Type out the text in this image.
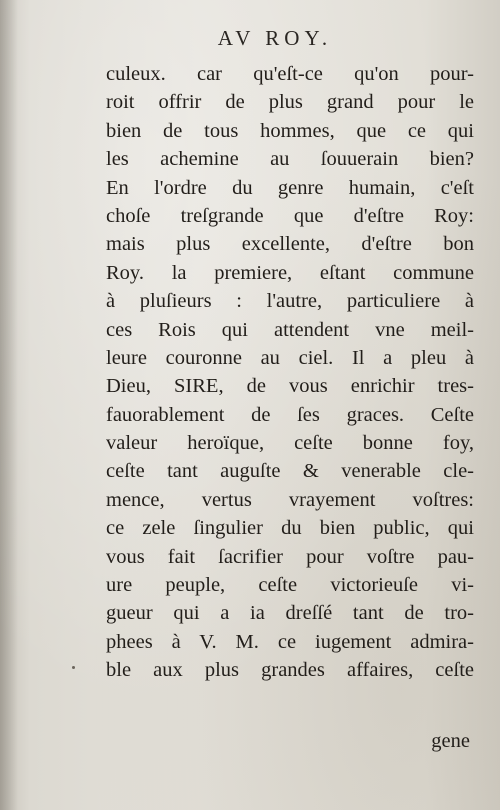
AV ROY.
culeux. car qu'eſt-ce qu'on pour-
roit offrir de plus grand pour le
bien de tous hommes, que ce qui
les achemine au ſouuerain bien?
En l'ordre du genre humain, c'eſt
choſe treſgrande que d'eſtre Roy:
mais plus excellente, d'eſtre bon
Roy. la premiere, eſtant commune
à pluſieurs : l'autre, particuliere à
ces Rois qui attendent vne meil-
leure couronne au ciel. Il a pleu à
Dieu, SIRE, de vous enrichir tres-
fauorablement de ſes graces. Ceſte
valeur heroïque, ceſte bonne foy,
ceſte tant auguſte & venerable cle-
mence, vertus vrayement voſtres:
ce zele ſingulier du bien public, qui
vous fait ſacrifier pour voſtre pau-
ure peuple, ceſte victorieuſe vi-
gueur qui a ia dreſſé tant de tro-
phees à V. M. ce iugement admira-
ble aux plus grandes affaires, ceſte
gene
